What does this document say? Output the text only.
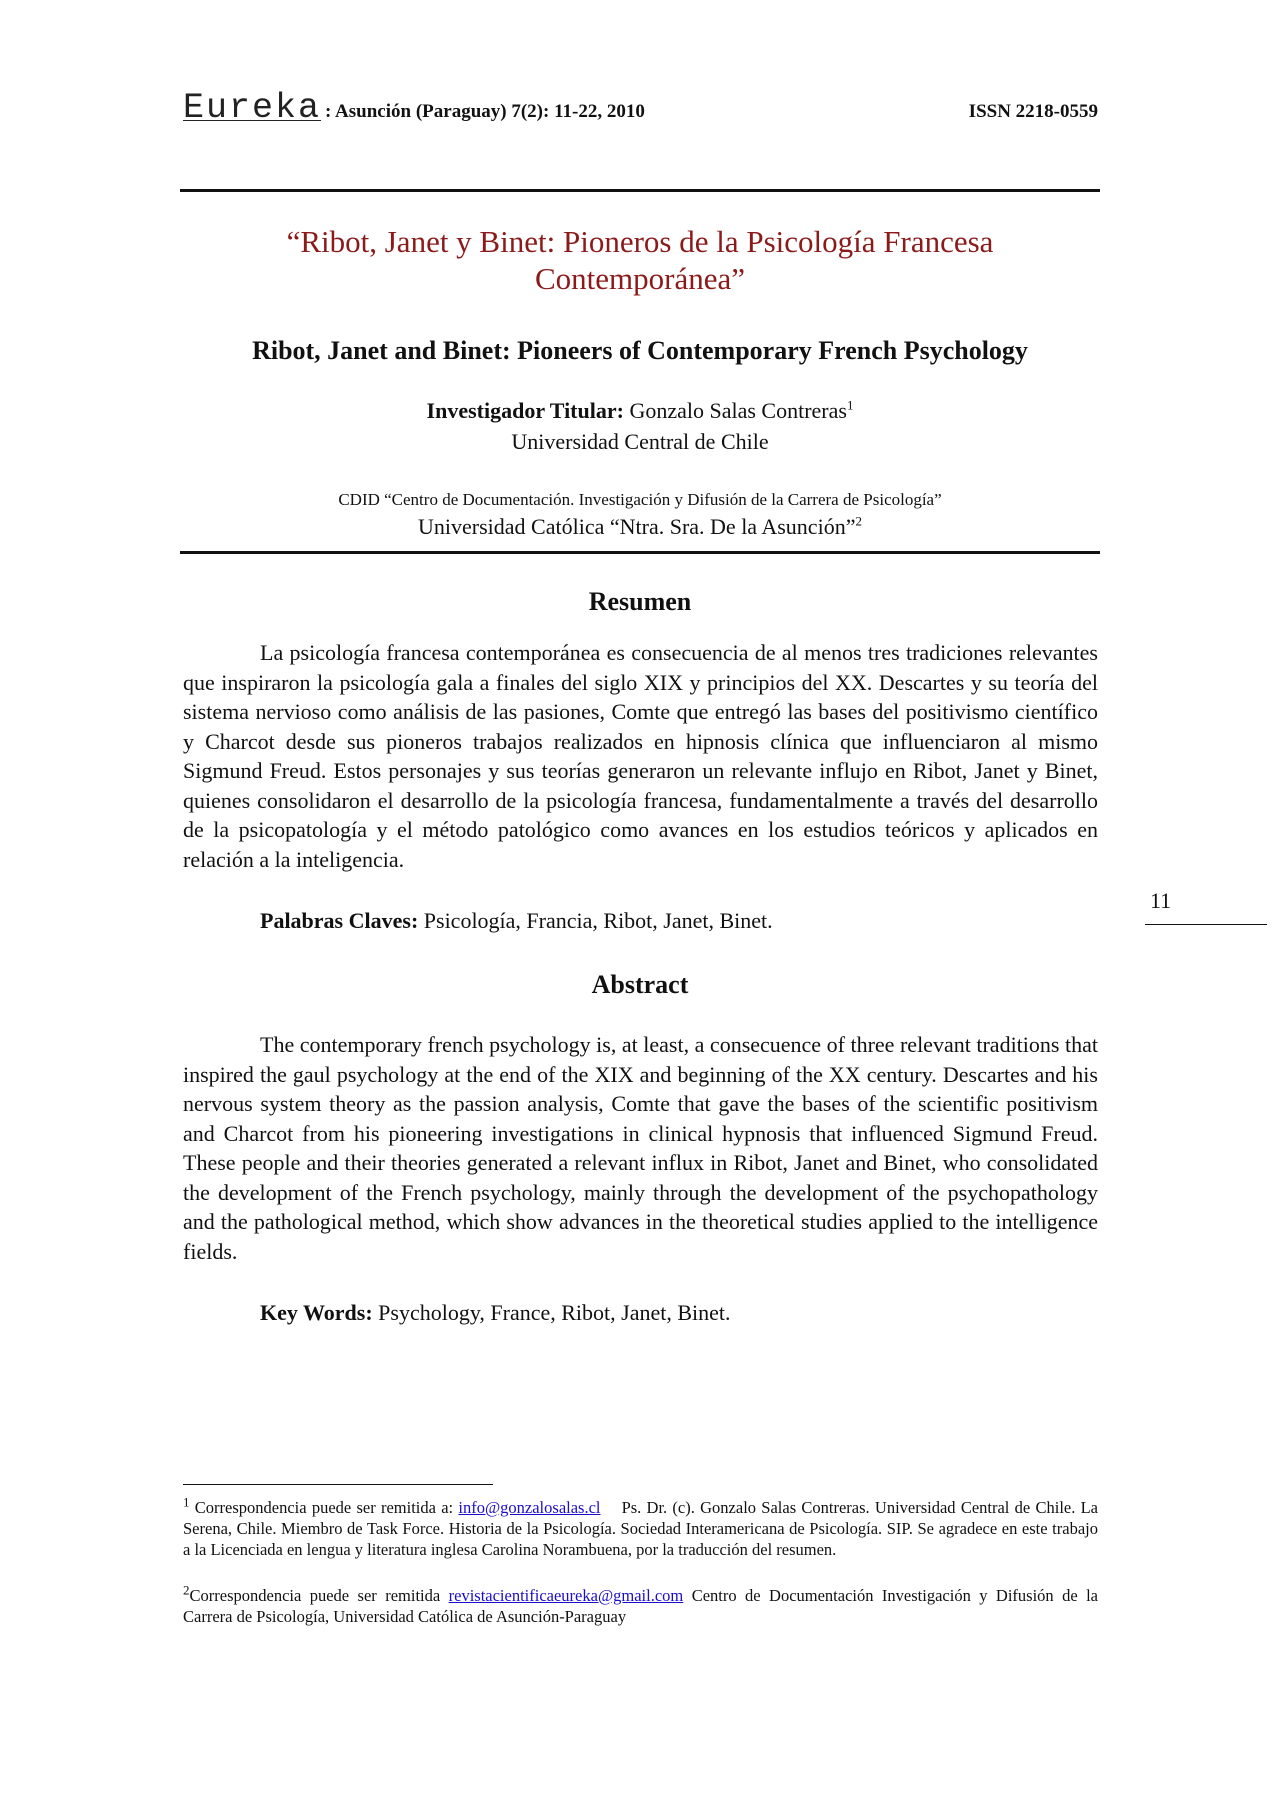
Eureka : Asunción (Paraguay) 7(2): 11-22, 2010	ISSN 2218-0559
“Ribot, Janet y Binet: Pioneros de la Psicología Francesa Contemporánea”
Ribot, Janet and Binet: Pioneers of Contemporary French Psychology
Investigador Titular: Gonzalo Salas Contreras$^1$
Universidad Central de Chile
CDID “Centro de Documentación. Investigación y Difusión de la Carrera de Psicología”
Universidad Católica “Ntra. Sra. De la Asunción”$^2$
Resumen

La psicología francesa contemporánea es consecuencia de al menos tres tradiciones relevantes que inspiraron la psicología gala a finales del siglo XIX y principios del XX. Descartes y su teoría del sistema nervioso como análisis de las pasiones, Comte que entregó las bases del positivismo científico y Charcot desde sus pioneros trabajos realizados en hipnosis clínica que influenciaron al mismo Sigmund Freud. Estos personajes y sus teorías generaron un relevante influjo en Ribot, Janet y Binet, quienes consolidaron el desarrollo de la psicología francesa, fundamentalmente a través del desarrollo de la psicopatología y el método patológico como avances en los estudios teóricos y aplicados en relación a la inteligencia.

Palabras Claves: Psicología, Francia, Ribot, Janet, Binet.
11
Abstract

The contemporary french psychology is, at least, a consecuence of three relevant traditions that inspired the gaul psychology at the end of the XIX and beginning of the XX century. Descartes and his nervous system theory as the passion analysis, Comte that gave the bases of the scientific positivism and Charcot from his pioneering investigations in clinical hypnosis that influenced Sigmund Freud. These people and their theories generated a relevant influx in Ribot, Janet and Binet, who consolidated the development of the French psychology, mainly through the development of the psychopathology and the pathological method, which show advances in the theoretical studies applied to the intelligence fields.

Key Words: Psychology, France, Ribot, Janet, Binet.

$^1$ Correspondencia puede ser remitida a: info@gonzalosalas.cl Ps. Dr. (c). Gonzalo Salas Contreras. Universidad Central de Chile. La Serena, Chile. Miembro de Task Force. Historia de la Psicología. Sociedad Interamericana de Psicología. SIP. Se agradece en este trabajo a la Licenciada en lengua y literatura inglesa Carolina Norambuena, por la traducción del resumen.

$^2$Correspondencia puede ser remitida revistacientificaeureka@gmail.com Centro de Documentación Investigación y Difusión de la Carrera de Psicología, Universidad Católica de Asunción-Paraguay
